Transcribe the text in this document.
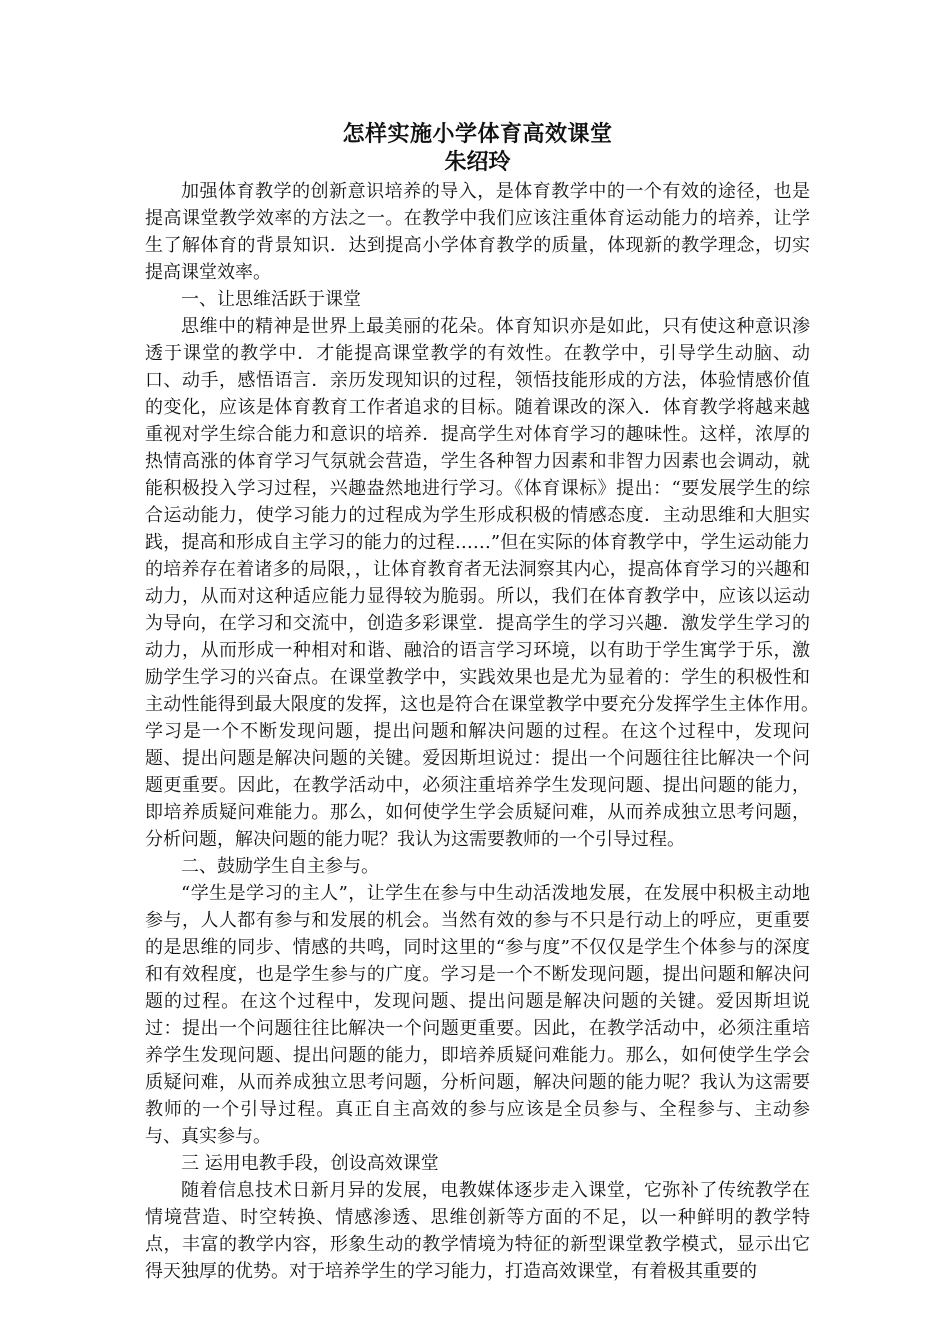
怎样实施小学体育高效课堂
朱绍玲

加强体育教学的创新意识培养的导入，是体育教学中的一个有效的途径，也是提高课堂教学效率的方法之一。在教学中我们应该注重体育运动能力的培养，让学生了解体育的背景知识．达到提高小学体育教学的质量，体现新的教学理念，切实提高课堂效率。

一、让思维活跃于课堂

思维中的精神是世界上最美丽的花朵。体育知识亦是如此，只有使这种意识渗透于课堂的教学中．才能提高课堂教学的有效性。在教学中，引导学生动脑、动口、动手，感悟语言．亲历发现知识的过程，领悟技能形成的方法，体验情感价值的变化，应该是体育教育工作者追求的目标。随着课改的深入．体育教学将越来越重视对学生综合能力和意识的培养．提高学生对体育学习的趣味性。这样，浓厚的热情高涨的体育学习气氛就会营造，学生各种智力因素和非智力因素也会调动，就能积极投入学习过程，兴趣盎然地进行学习。《体育课标》提出：“要发展学生的综合运动能力，使学习能力的过程成为学生形成积极的情感态度．主动思维和大胆实践，提高和形成自主学习的能力的过程……”但在实际的体育教学中，学生运动能力的培养存在着诸多的局限，，让体育教育者无法洞察其内心，提高体育学习的兴趣和动力，从而对这种适应能力显得较为脆弱。所以，我们在体育教学中，应该以运动为导向，在学习和交流中，创造多彩课堂．提高学生的学习兴趣．激发学生学习的动力，从而形成一种相对和谐、融洽的语言学习环境，以有助于学生寓学于乐，激励学生学习的兴奋点。在课堂教学中，实践效果也是尤为显着的：学生的积极性和主动性能得到最大限度的发挥，这也是符合在课堂教学中要充分发挥学生主体作用。　学习是一个不断发现问题，提出问题和解决问题的过程。在这个过程中，发现问题、提出问题是解决问题的关键。爱因斯坦说过：提出一个问题往往比解决一个问题更重要。因此，在教学活动中，必须注重培养学生发现问题、提出问题的能力，即培养质疑问难能力。那么，如何使学生学会质疑问难，从而养成独立思考问题，分析问题，解决问题的能力呢？我认为这需要教师的一个引导过程。

二、鼓励学生自主参与。

“学生是学习的主人”，让学生在参与中生动活泼地发展，在发展中积极主动地参与，人人都有参与和发展的机会。当然有效的参与不只是行动上的呼应，更重要的是思维的同步、情感的共鸣，同时这里的“参与度”不仅仅是学生个体参与的深度和有效程度，也是学生参与的广度。学习是一个不断发现问题，提出问题和解决问题的过程。在这个过程中，发现问题、提出问题是解决问题的关键。爱因斯坦说过：提出一个问题往往比解决一个问题更重要。因此，在教学活动中，必须注重培养学生发现问题、提出问题的能力，即培养质疑问难能力。那么，如何使学生学会质疑问难，从而养成独立思考问题，分析问题，解决问题的能力呢？我认为这需要教师的一个引导过程。真正自主高效的参与应该是全员参与、全程参与、主动参与、真实参与。

三 运用电教手段，创设高效课堂

随着信息技术日新月异的发展，电教媒体逐步走入课堂，它弥补了传统教学在情境营造、时空转换、情感渗透、思维创新等方面的不足，以一种鲜明的教学特点，丰富的教学内容，形象生动的教学情境为特征的新型课堂教学模式，显示出它得天独厚的优势。对于培养学生的学习能力，打造高效课堂，有着极其重要的
